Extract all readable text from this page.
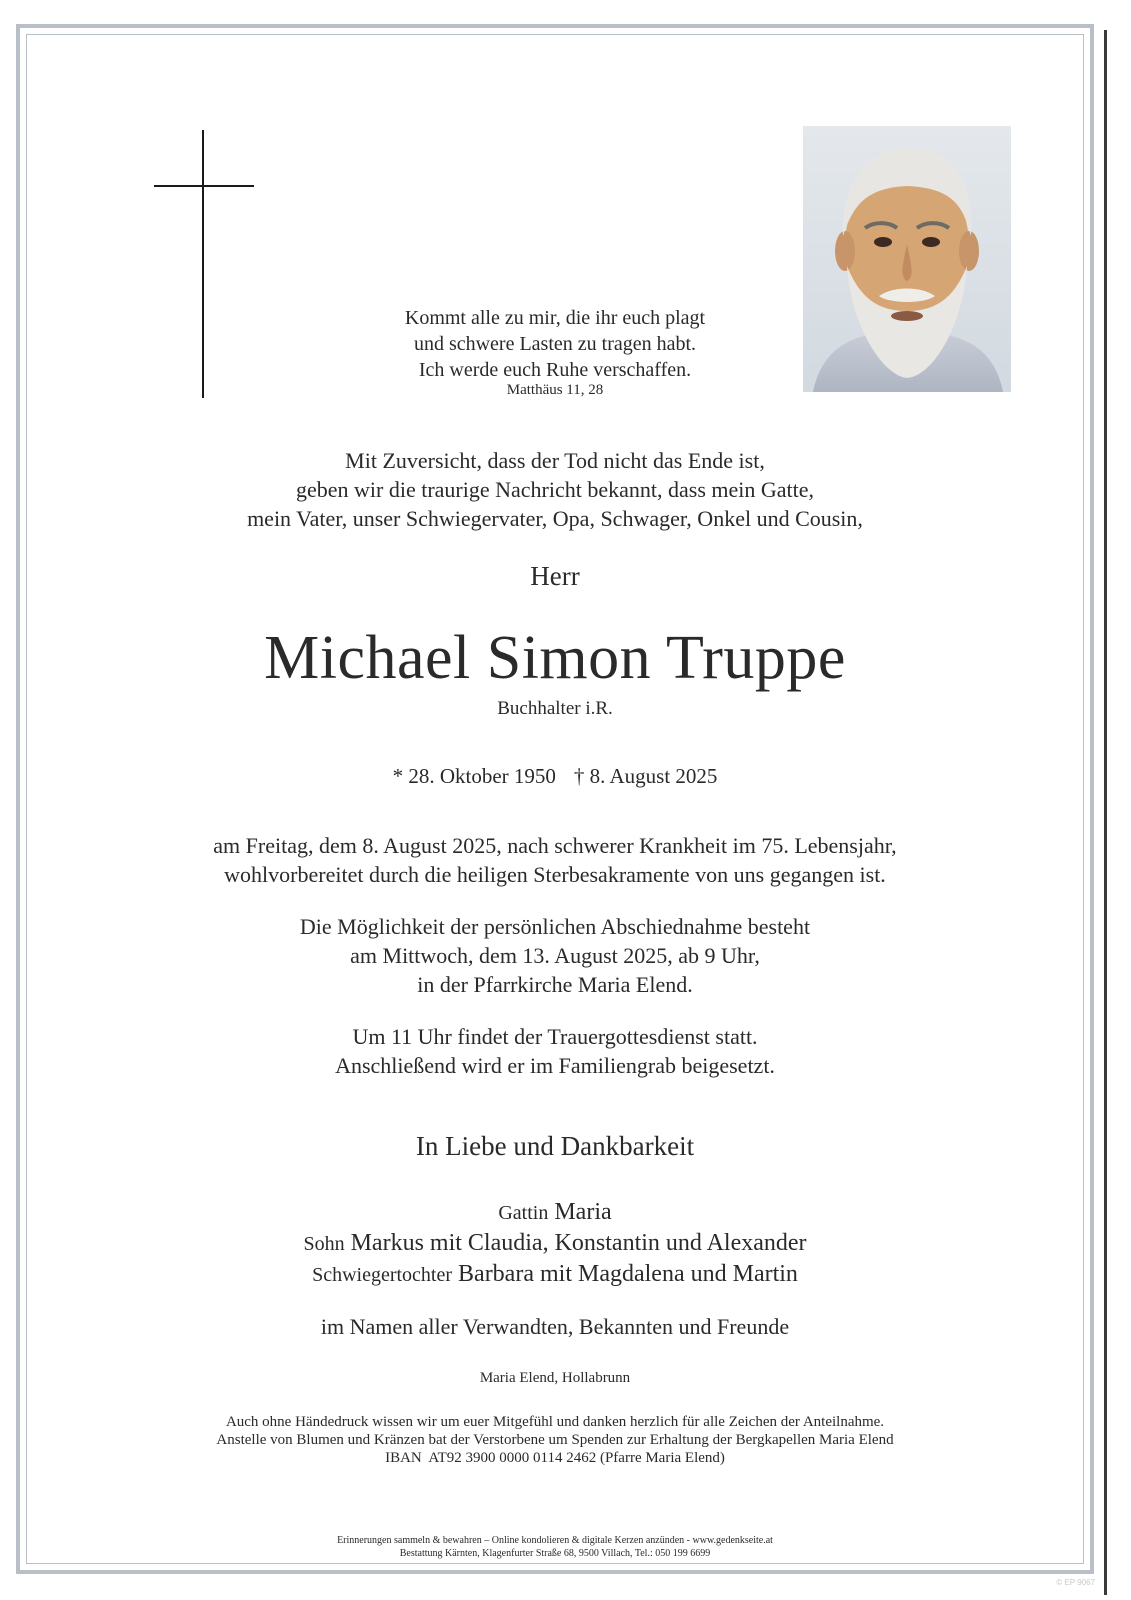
Kommt alle zu mir, die ihr euch plagt
und schwere Lasten zu tragen habt.
Ich werde euch Ruhe verschaffen.
Matthäus 11, 28
Mit Zuversicht, dass der Tod nicht das Ende ist,
geben wir die traurige Nachricht bekannt, dass mein Gatte,
mein Vater, unser Schwiegervater, Opa, Schwager, Onkel und Cousin,
Herr
Michael Simon Truppe
Buchhalter i.R.
* 28. Oktober 1950 † 8. August 2025
am Freitag, dem 8. August 2025, nach schwerer Krankheit im 75. Lebensjahr,
wohlvorbereitet durch die heiligen Sterbesakramente von uns gegangen ist.
Die Möglichkeit der persönlichen Abschiednahme besteht
am Mittwoch, dem 13. August 2025, ab 9 Uhr,
in der Pfarrkirche Maria Elend.
Um 11 Uhr findet der Trauergottesdienst statt.
Anschließend wird er im Familiengrab beigesetzt.
In Liebe und Dankbarkeit
Gattin Maria
Sohn Markus mit Claudia, Konstantin und Alexander
Schwiegertochter Barbara mit Magdalena und Martin
im Namen aller Verwandten, Bekannten und Freunde
Maria Elend, Hollabrunn
Auch ohne Händedruck wissen wir um euer Mitgefühl und danken herzlich für alle Zeichen der Anteilnahme.
Anstelle von Blumen und Kränzen bat der Verstorbene um Spenden zur Erhaltung der Bergkapellen Maria Elend
IBAN  AT92 3900 0000 0114 2462 (Pfarre Maria Elend)
Erinnerungen sammeln & bewahren – Online kondolieren & digitale Kerzen anzünden - www.gedenkseite.at
Bestattung Kärnten, Klagenfurter Straße 68, 9500 Villach, Tel.: 050 199 6699
© EP 9067
